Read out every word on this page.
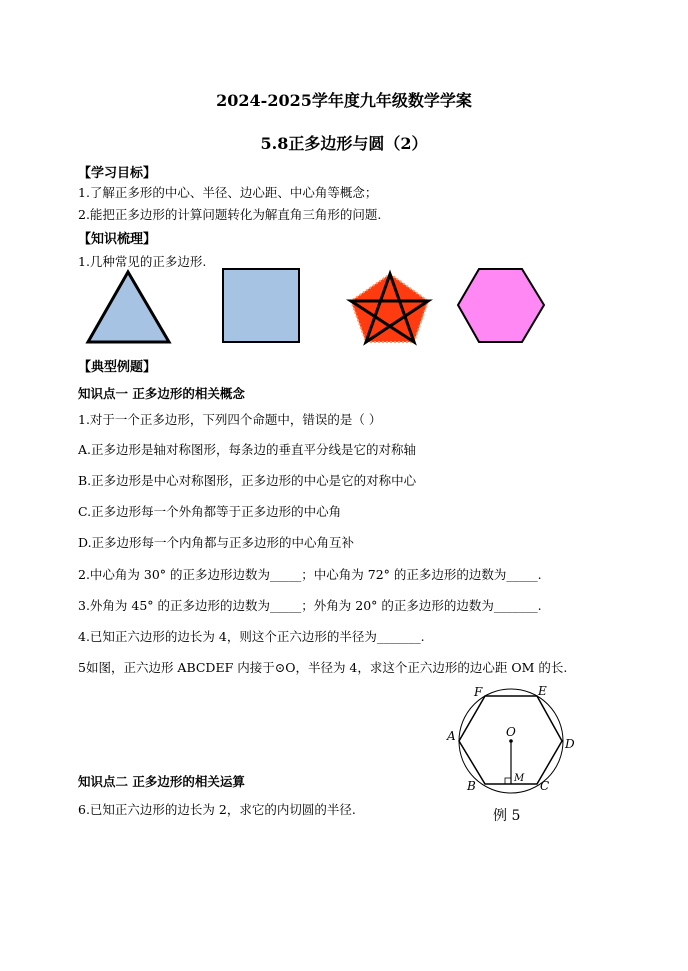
2024-2025学年度九年级数学学案
5.8正多边形与圆（2）
【学习目标】
1.了解正多形的中心、半径、边心距、中心角等概念；
2.能把正多边形的计算问题转化为解直角三角形的问题.
【知识梳理】
1.几种常见的正多边形.
【典型例题】
知识点一 正多边形的相关概念
1.对于一个正多边形，下列四个命题中，错误的是（ ）
A.正多边形是轴对称图形，每条边的垂直平分线是它的对称轴
B.正多边形是中心对称图形，正多边形的中心是它的对称中心
C.正多边形每一个外角都等于正多边形的中心角
D.正多边形每一个内角都与正多边形的中心角互补
2.中心角为 30° 的正多边形边数为_____；中心角为 72° 的正多边形的边数为_____.
3.外角为 45° 的正多边形的边数为_____；外角为 20° 的正多边形的边数为_______.
4.已知正六边形的边长为 4，则这个正六边形的半径为_______.
5如图，正六边形 ABCDEF 内接于⊙O，半径为 4，求这个正六边形的边心距 OM 的长.
F	E
A
D
O
B	C
M
例 5
知识点二 正多边形的相关运算
6.已知正六边形的边长为 2，求它的内切圆的半径.
